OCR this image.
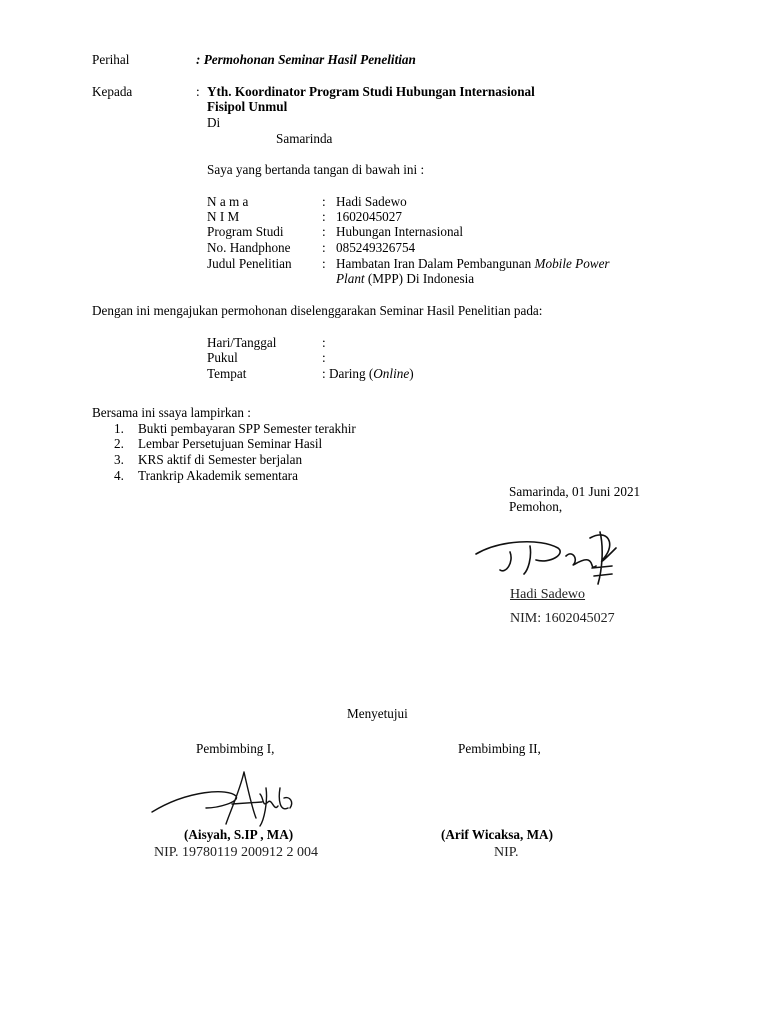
Perihal	: Permohonan Seminar Hasil Penelitian
Kepada	: Yth. Koordinator Program Studi Hubungan Internasional
Fisipol Unmul
Di
Samarinda
Saya yang bertanda tangan di bawah ini :
N a m a	: Hadi Sadewo
N I M	: 1602045027
Program Studi	: Hubungan Internasional
No. Handphone : 085249326754
Judul Penelitian : Hambatan Iran Dalam Pembangunan Mobile Power
Plant (MPP) Di Indonesia
Dengan ini mengajukan permohonan diselenggarakan Seminar Hasil Penelitian pada:
Hari/Tanggal	:
Pukul	:
Tempat	: Daring (Online)
Bersama ini ssaya lampirkan :
1. Bukti pembayaran SPP Semester terakhir
2. Lembar Persetujuan Seminar Hasil
3. KRS aktif di Semester berjalan
4. Trankrip Akademik sementara
Samarinda, 01 Juni 2021
Pemohon,
Hadi Sadewo
NIM: 1602045027
Menyetujui
Pembimbing I,	Pembimbing II,
(Aisyah, S.IP , MA)
NIP. 19780119 200912 2 004
(Arif Wicaksa, MA)
NIP.
